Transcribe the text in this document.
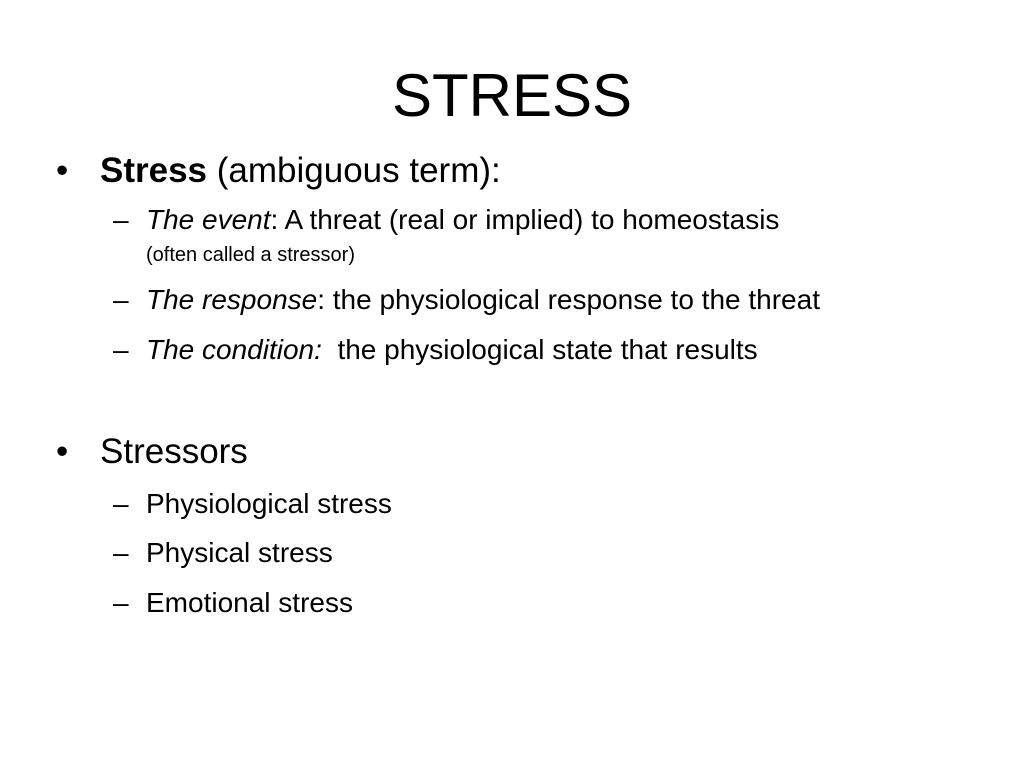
STRESS
• Stress (ambiguous term):
– The event: A threat (real or implied) to homeostasis
(often called a stressor)
– The response: the physiological response to the threat
– The condition:  the physiological state that results
• Stressors
– Physiological stress
– Physical stress
– Emotional stress
